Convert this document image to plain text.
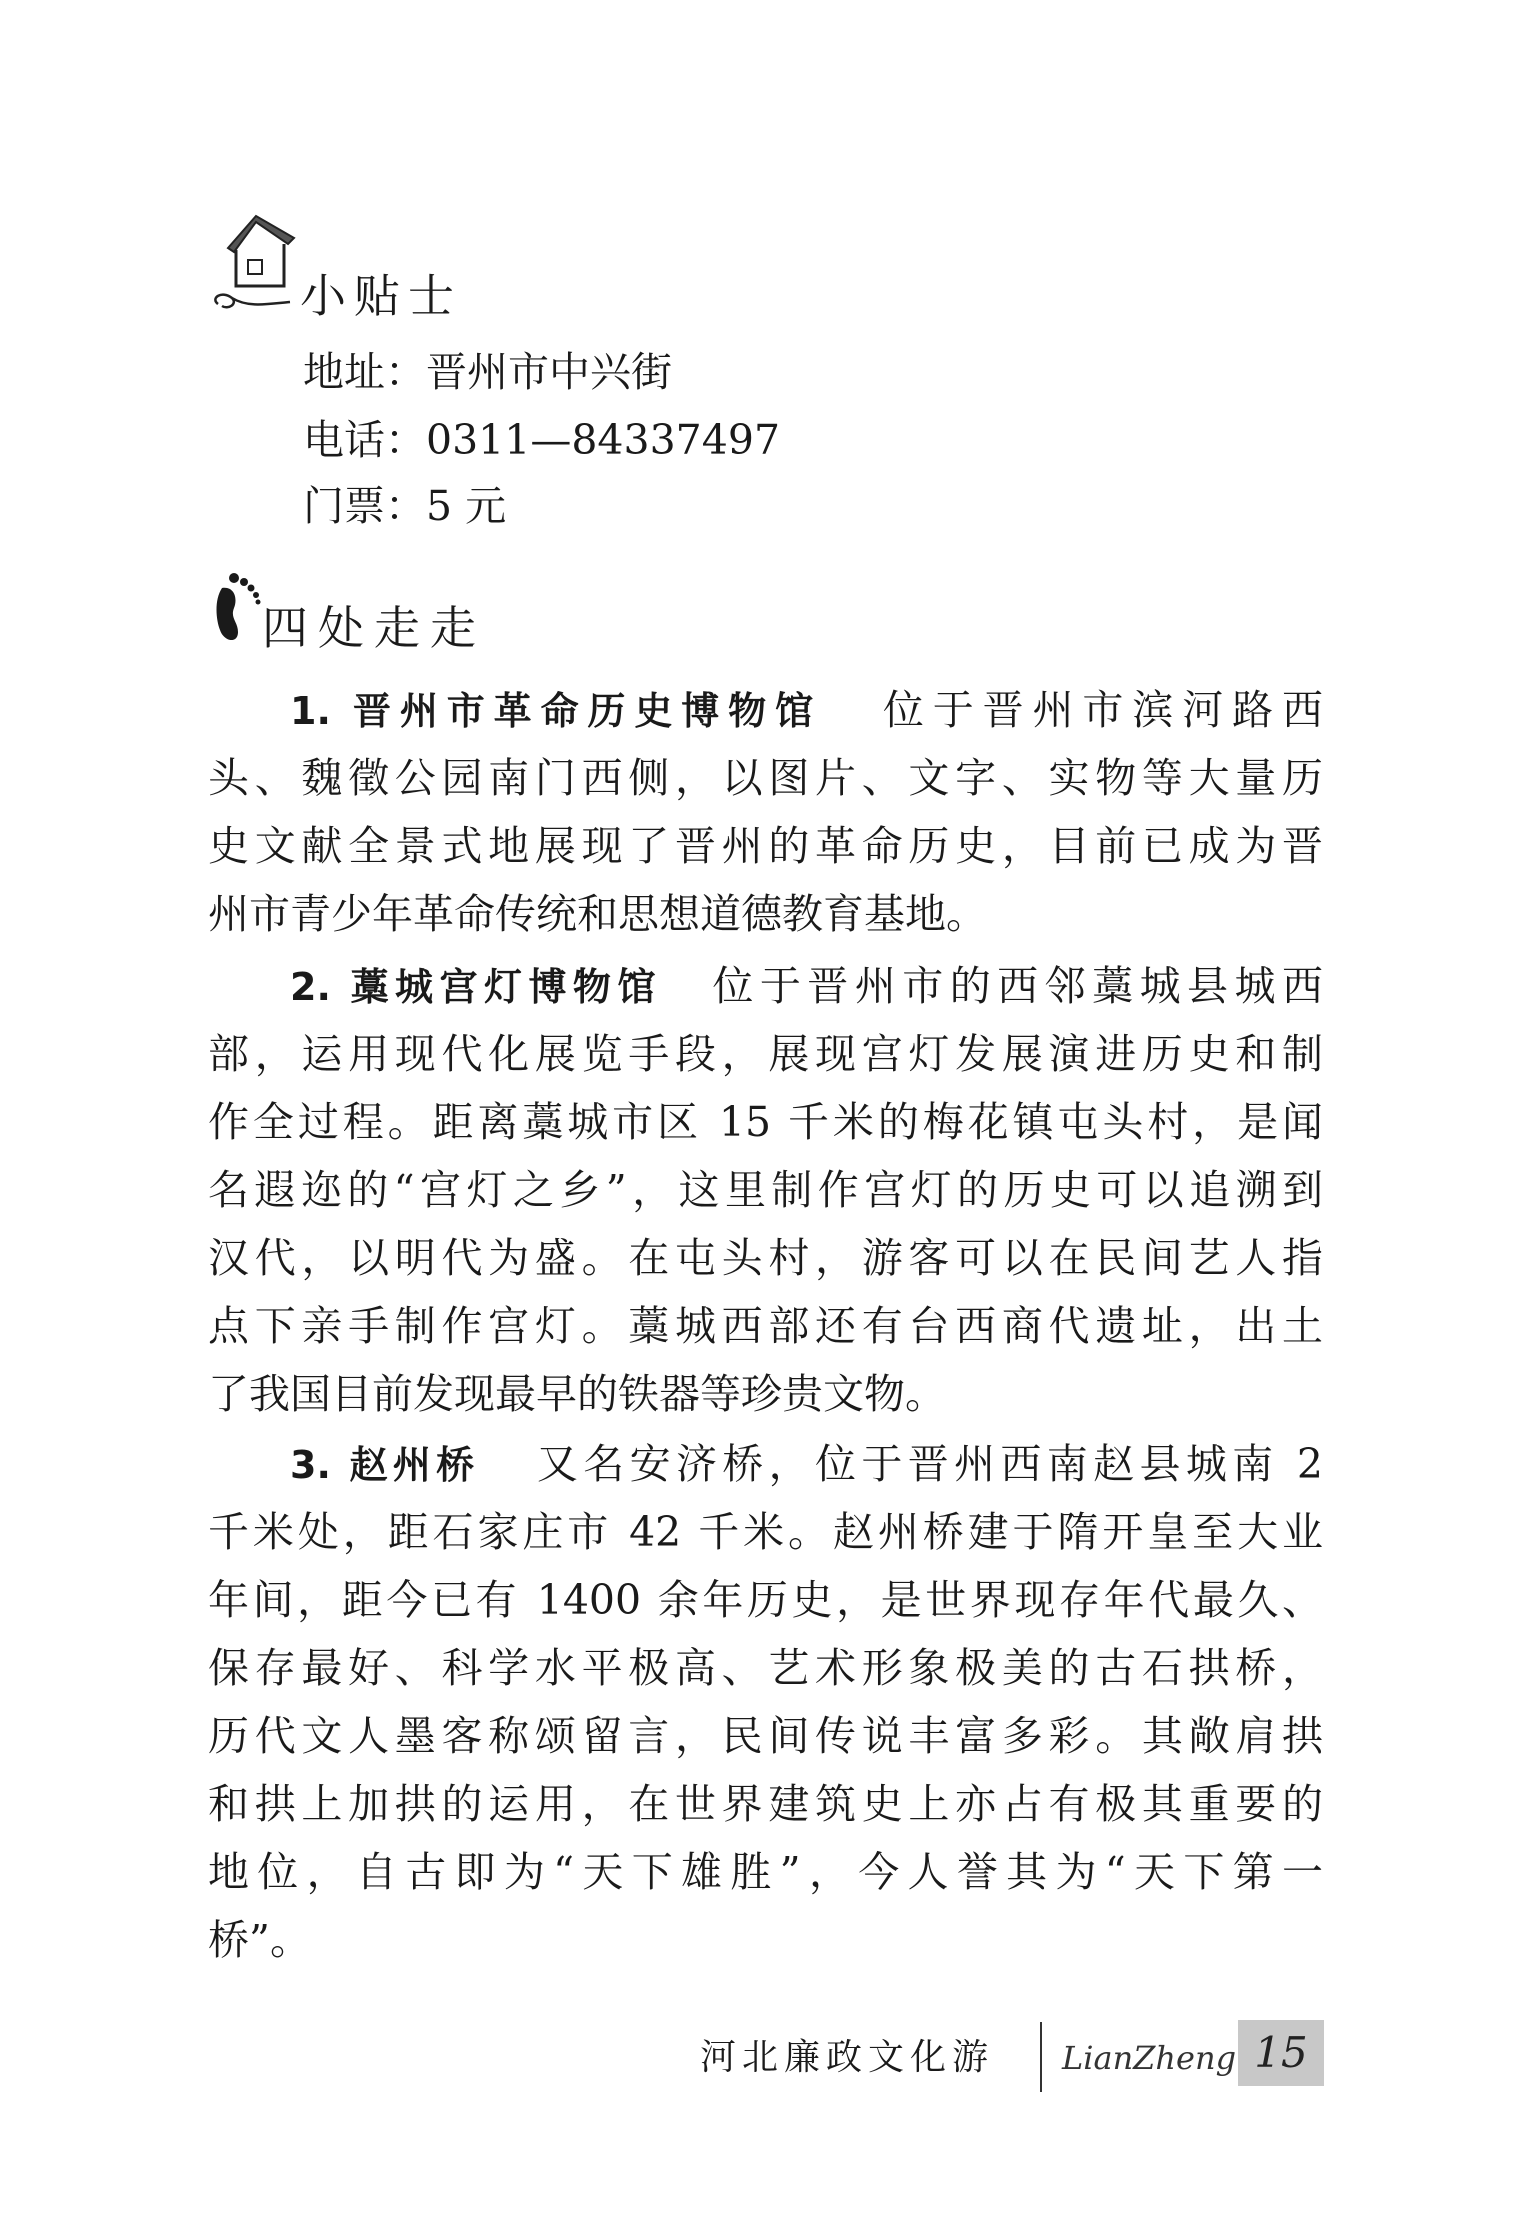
小贴士
地址：晋州市中兴街
电话：0311—84337497
门票：5 元
四处走走
1. 晋州市革命历史博物馆 位于晋州市滨河路西
头、魏徵公园南门西侧，以图片、文字、实物等大量历
史文献全景式地展现了晋州的革命历史，目前已成为晋
州市青少年革命传统和思想道德教育基地。
2. 藁城宫灯博物馆 位于晋州市的西邻藁城县城西
部，运用现代化展览手段，展现宫灯发展演进历史和制
作全过程。距离藁城市区 15 千米的梅花镇屯头村，是闻
名遐迩的“宫灯之乡”，这里制作宫灯的历史可以追溯到
汉代，以明代为盛。在屯头村，游客可以在民间艺人指
点下亲手制作宫灯。藁城西部还有台西商代遗址，出土
了我国目前发现最早的铁器等珍贵文物。
3. 赵州桥 又名安济桥，位于晋州西南赵县城南 2
千米处，距石家庄市 42 千米。赵州桥建于隋开皇至大业
年间，距今已有 1400 余年历史，是世界现存年代最久、
保存最好、科学水平极高、艺术形象极美的古石拱桥，
历代文人墨客称颂留言，民间传说丰富多彩。其敞肩拱
和拱上加拱的运用，在世界建筑史上亦占有极其重要的
地位，自古即为“天下雄胜”，今人誉其为“天下第一
桥”。
河北廉政文化游 LianZheng 15
